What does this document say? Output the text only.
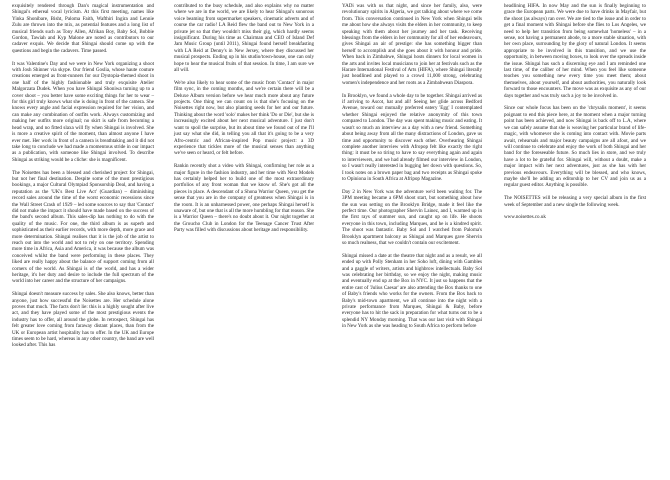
exquisitely rendered through Dan's magical instrumentation and Shingai's ethereal vocal lyricism. At this first meeting, names like Yinka Shonibare, Bisht, Paloma Faith, Wafthiri Ingira and Lennie Zulu are thrown into the mix, as potential features and a long list of musical friends such as Tony Allen, Afrikan Boy, Baby Sol, Bobbie Gordon, Tawiah and Kyp Malone are noted as contributors to our cadaver exquis. We decide that Shingai should come up with the questions and begin the cadavers. Time passed.

It was Valentine's Day and we were in New York organizing a shoot with Josh Shinner via skype. Our friend Goslia, whose haute couture creations emerged as front-runners for our Dystopia-themed shoot in one half of the highly fashionable and truly exquisite Atelier Malgorzata Dudek. When you have Shingai Shoniwa turning up to a cover shoot – you better have some exciting things for her to wear – for this girl truly knows what she is doing in front of the camera. She knows every angle and facial expression required for her vision, and can make any combination of outfits work. Always customizing and making her outfits more original; no skirt is safe from becoming a head wrap, and no fitted slaxa will fly when Shingai is involved. She is more a creative spirit of the moment, than almost anyone I have ever met. Her work in front of a camera is breathtaking and it did not take long to conclude we had made a momentous stride in our impact as a publication, with someone like Shingai involved. To describe Shingai as striking would be a cliche: she is magnificent.

The Noisettes has been a blessed and cherished project for Shingai, but not her final destination. Despite some of the most prestigious bookings, a major Cultural Olympiad Sponsorship Deal, and having a reputation as the 'UK's Best Live Act' (Guardian) – diminishing record sales around the time of the worst economic recessions since the Wall Street Crash of 1929 – led some sources to say that 'Contact' did not make the impact it should have made based on the success of the band's second album. This sales-dip has nothing to do with the quality of the music. For one, the third album is as superb and sophisticated as their earlier records, with more depth, more grace and more determination. Shingai realises that it is the job of the artist to reach out into the world and not to rely on one territory. Spending more time in Africa, Asia and America, it was because the album was conceived whilst the band were performing in these places. They liked are really happy about the balance of support coming from all corners of the world. As Shingai is of the world, and has a wider heritage, it's her duty and desire to include the full spectrum of the world into her career and the structure of her campaigns.

Shingai doesn't measure success by sales. She also knows, better than anyone, just how successful the Noisettes are. Her schedule alone proves that much. The facts don't lie: this is a highly sought after live act, and they have played some of the most prestigious events the industry has to offer, all around the globe. In retrospect, Shingai has felt greater love coming from faraway distant places, than from the UK or European artist hospitality has to offer. In the UK and Europe times seem to be hard, whereas in any other country, the band are well looked after. This has

contributed to the busy schedule, and also explains why no matter where we are in the world, we are likely to hear Shingai's sonorous voice beaming from supermarket speakers, cinematic adverts and of course the car radio! LA Reid flew the band out to New York in a private jet so that they wouldn't miss their gig, which hardly seems insignificant. During his time as Chairman and CEO of Island Def Jam Music Group (until 2011), Shingai found herself breakfasting with LA Reid at Denny's in New Jersey, where they discussed her musical prospects. Ending up in his studio/town-house, one can only hope to hear the musical fruits of that session. In time, I am sure we all will.

We're also likely to hear some of the music from 'Contact' in major film sync, in the coming months, and we're certain there will be a Deluxe Album version before we hear much more about any future projects. One thing we can count on is that she's focusing on the Noisettes right now, but also planting seeds for her and our future. Thinking about the word 'solo' makes her think 'Do or Die', but she is increasingly excited about her next musical adventure. I just don't want to spoil the surprise, but its about time we found out of me I'll just say what she did, in telling you all that it's going to be a very Afro-centric and African-inspired Pop music project: a 3D experience that tickles more of the musical senses than anything we've seen or heard, or felt before.

Rankin recently shot a video with Shingai, confirming her role as a major figure in the fashion industry, and her time with Next Models has certainly helped her to build one of the most extraordinary portfolios of any front woman that we know of. She's got all the pieces in place. A descendant of a Shona Warrior Queen, you get the sense that you are in the company of greatness when Shingai is in the room. It is an unharnessed power, one perhaps Shingai herself is unaware of, but one that is all the more humbling for that reason. She is a Warrior Queen – there's no doubt about it. Our night together at the Groucho Club in London for the Teenage Cancer Trust After Party was filled with discussions about heritage and responsibility.

YADi was with us that night, and since her family, also, were revolutionary spirits in Algeria, we got talking about where we come from. This conversation continued in New York when Shingai tells me about how she always visits the elders in her community, to keep speaking with them about her journey and her task. Receiving blessings from the elders in her community for all of her endeavours, gives Shingai an air of prestige: she has something bigger than herself to accomplish and she goes about it with honour and pride. When back in Zimbabwe, Shingai hosts dinners for local women in the arts and invites local musicians to join her at festivals such as the Harare International Festival of Arts (HIFA), where Shingai literally just headlined and played to a crowd 11,000 strong, celebrating women's independence and her roots as a Zimbabwean Diaspora.

In Brooklyn, we found a whole day to be together. Shingai arrived as if arriving to Ascot, hat and all! Seeing her glide across Bedford Avenue, toward our mutually preferred eatery 'Egg' I contemplated whether Shingai enjoyed the relative anonymity of this town compared to London. The day was spent making music and eating. It wasn't so much an interview as a day with a new friend. Something about being away from all the many distractions of London, gave us time and opportunity to discover each other. Overhearing Shingai complete another interview with Afropop felt like exactly the right thing: it must be so tiring to have to say everything again and again to interviewers, and we had already filmed our interview in London, so I wasn't really interested in bugging her down with questions. So, I took notes on a brown paper bag and two receipts as Shingai spoke to Opiniona in South Africa at Afripop Magazine.

Day 2 in New York was the adventure we'd been waiting for. The 3PM meeting became a 6PM shoot start, but something about how the sun was setting on the Brooklyn Bridge, made it feel like the perfect time. Our photographer Shervin Lainez, and I, warmed up in the first rays of summer sun, and caught up on life. He shoots everyone in this town, including Marques, and he is a kindred spirit. The shoot was fantastic. Baby Sol and I watched from Paloma's Brooklyn apartment balcony as Shingai and Marques gave Shervin so much realness, that we couldn't contain our excitement.

Shingai missed a date at the theatre that night and as a result, we all ended up with Polly Stenham in her Soho loft, dining with Gambles and a gaggle of writers, artists and highbrow intellectuals. Baby Sol was celebrating her birthday, so we enjoy the night, making music and eventually end up at the Box in NYC. It just so happens that the entire cast of 'Julius Caesar' are also attending the Box thanks to one of Baby's friends who works for the owners. From the Box back to Baby's mid-town apartment, we all continue into the night with a private performance from Marques, Shingai & Baby, before everyone has to hit the sack in preparation for what turns out to be a splendid NY Monday morning. That was our last visit with Shingai in New York as she was heading to South Africa to perform before

headlining HIFA. In now May and the sun is finally beginning to grace the European parts. We were due to have drinks in Mayfair, but the shoot (as always) ran over. We are tied to the issue and in order to get a final moment with Shingai before she flies to Los Angeles, we need to help her transition from being somewhat 'homeless' – in a sense, not having a permanent abode, to a more stable situation, with her own place, surrounding by the glory of natural London. It seems appropriate to be involved in this transition, and we use the opportunity, in between moving boxes, to look over the spreads inside the issue. Shingai has such a discerning eye and I am reminded one last time, of the caliber of her mind. When you feel like someone teaches you something new every time you meet them; about themselves, about yourself, and about authorities, you naturally look forward to those encounters. The move was as exquisite as any of our days together and was truly such a joy to be involved in.

Since our whole focus has been on the 'chrysalis moment', it seems poignant to end this piece here, at the moment when a major turning point has been achieved, and now Shingai is back off to L.A, where we can safely assume that she is weaving her particular brand of life-magic, with whomever she is coming into contact with. Movie parts await, rehearsals and major beauty campaigns are all afoot, and we will continue to celebrate and enjoy the work of both Shingai and her band for the foreseeable future. So much lies in store, and we truly have a lot to be grateful for. Shingai will, without a doubt, make a major impact with her next adventures, just as she has with her previous endeavours. Everything will be blessed, and who knows, maybe she'll be adding an editorship to her CV and join us as a regular guest editor. Anything is possible.

The NOISETTES will be releasing a very special album in the first week of September and a new single the following week.

www.noisettes.co.uk
